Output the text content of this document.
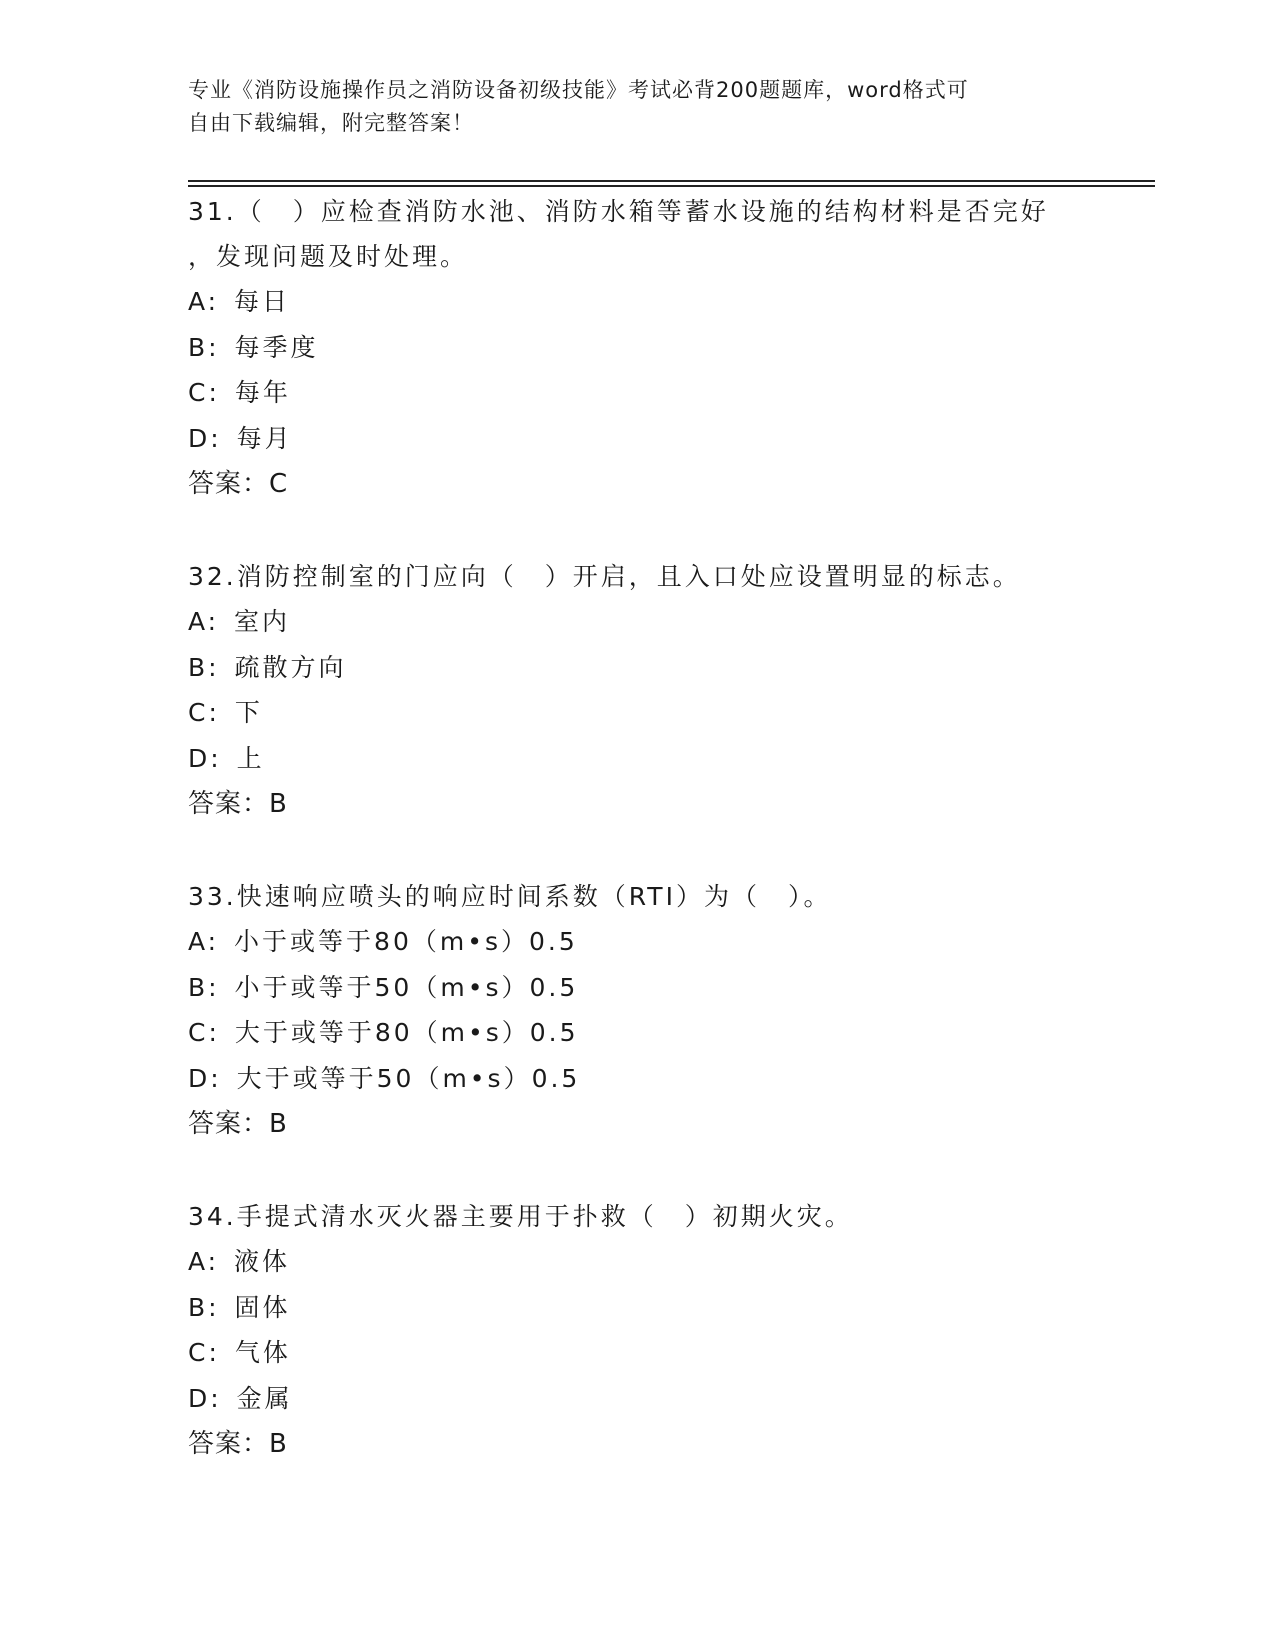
专业《消防设施操作员之消防设备初级技能》考试必背200题题库，word格式可
自由下载编辑，附完整答案！
31.（　）应检查消防水池、消防水箱等蓄水设施的结构材料是否完好
，发现问题及时处理。
A: 每日
B: 每季度
C: 每年
D: 每月
答案：C
32.消防控制室的门应向（　）开启，且入口处应设置明显的标志。
A: 室内
B: 疏散方向
C: 下
D: 上
答案：B
33.快速响应喷头的响应时间系数（RTI）为（　）。
A: 小于或等于80（m•s）0.5
B: 小于或等于50（m•s）0.5
C: 大于或等于80（m•s）0.5
D: 大于或等于50（m•s）0.5
答案：B
34.手提式清水灭火器主要用于扑救（　）初期火灾。
A: 液体
B: 固体
C: 气体
D: 金属
答案：B
